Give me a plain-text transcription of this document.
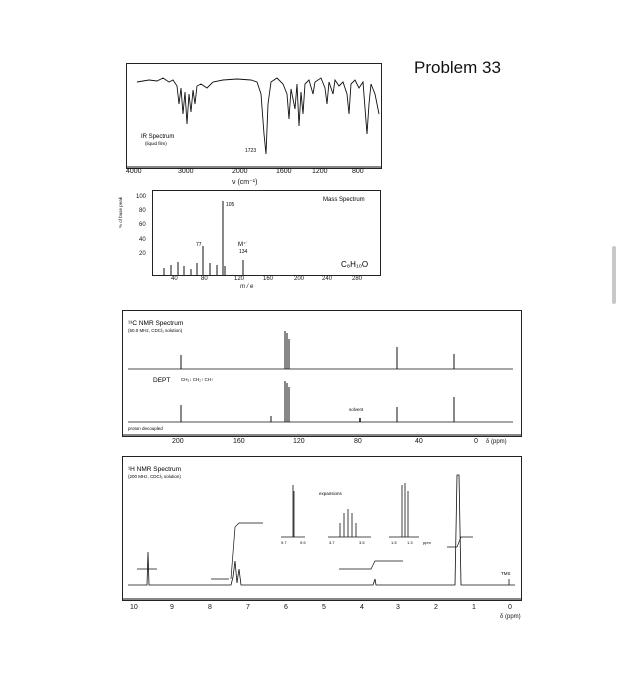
Problem 33
IR Spectrum
(liquid film)
1723
4000	3000	2000	1600	1200	800
ν (cm⁻¹)
105
77	M⁺˙
134
Mass Spectrum
C₈H₁₀O
100
80
60
40
20
% of base peak
40	80	120	160	200	240	280
m / e
¹³C NMR Spectrum
(50.0 MHz, CDCl₃ solution)
DEPT CH₂↓ CH₂↑ CH↑
solvent
proton decoupled
200	160	120	80	40	0 δ (ppm)
¹H NMR Spectrum
(200 MHz, CDCl₃ solution)
expansions
9.7	9.5	3.7	3.5	1.5	1.3	ppm
TMS
10	9	8	7	6	5	4	3	2	1	0
δ (ppm)
